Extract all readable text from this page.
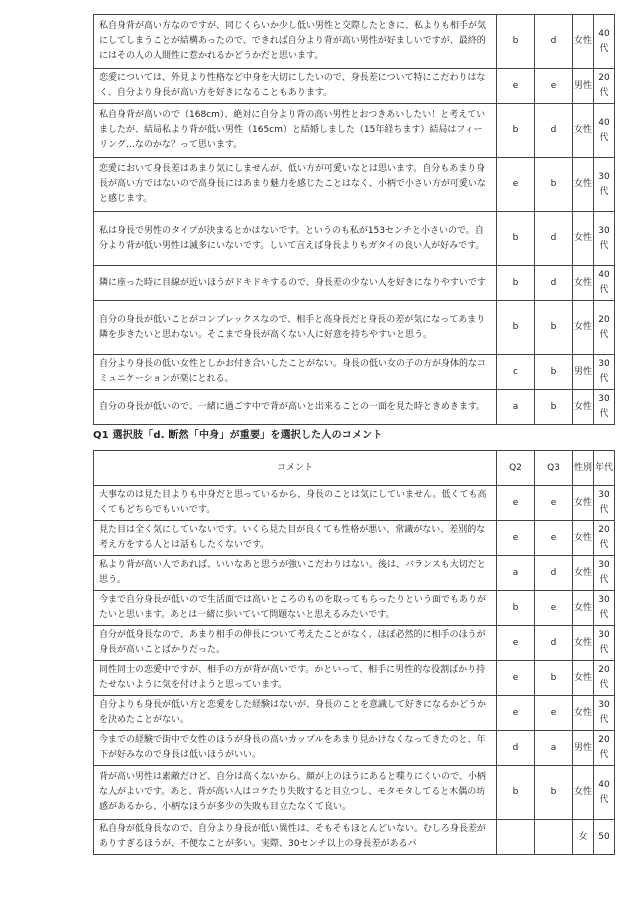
私自身背が高い方なのですが、同じくらいか少し低い男性と交際したときに、私よりも相手が気にしてしまうことが結構あったので、できれば自分より背が高い男性が好ましいですが、最終的にはその人の人間性に惹かれるかどうかだと思います。	b	d	女性	40代
恋愛については、外見より性格など中身を大切にしたいので、身長差について特にこだわりはなく、自分より身長が高い方を好きになることもあります。	e	e	男性	20代
私自身背が高いので（168cm）、絶対に自分より背の高い男性とおつきあいしたい！と考えていましたが、結局私より背が低い男性（165cm）と結婚しました（15年経ちます）結局はフィーリング…なのかな？って思います。	b	d	女性	40代
恋愛において身長差はあまり気にしませんが、低い方が可愛いなとは思います。自分もあまり身長が高い方ではないので高身長にはあまり魅力を感じたことはなく、小柄で小さい方が可愛いなと感じます。	e	b	女性	30代
私は身長で男性のタイプが決まるとかはないです。というのも私が153センチと小さいので。自分より背が低い男性は滅多にいないです。しいて言えば身長よりもガタイの良い人が好みです。	b	d	女性	30代
隣に座った時に目線が近いほうがドキドキするので、身長差の少ない人を好きになりやすいです	b	d	女性	40代
自分の身長が低いことがコンプレックスなので、相手と高身長だと身長の差が気になってあまり隣を歩きたいと思わない。そこまで身長が高くない人に好意を持ちやすいと思う。	b	b	女性	20代
自分より身長の低い女性としかお付き合いしたことがない。身長の低い女の子の方が身体的なコミュニケーションが楽にとれる。	c	b	男性	30代
自分の身長が低いので、一緒に過ごす中で背が高いと出来ることの一面を見た時ときめきます。	a	b	女性	30代
Q1 選択肢「d. 断然「中身」が重要」を選択した人のコメント
コメント	Q2	Q3	性別	年代
大事なのは見た目よりも中身だと思っているから、身長のことは気にしていません。低くても高くてもどちらでもいいです。	e	e	女性	30代
見た目は全く気にしていないです。いくら見た目が良くても性格が悪い、常識がない、差別的な考え方をする人とは話もしたくないです。	e	e	女性	20代
私より背が高い人であれば、いいなあと思うが強いこだわりはない。後は、バランスも大切だと思う。	a	d	女性	30代
今まで自分身長が低いので生活面では高いところのものを取ってもらったりという面でもありがたいと思います。あとは一緒に歩いていて問題ないと思えるみたいです。	b	e	女性	30代
自分が低身長なので、あまり相手の伸長について考えたことがなく、ほぼ必然的に相手のほうが身長が高いことばかりだった。	e	d	女性	30代
同性同士の恋愛中ですが、相手の方が背が高いです。かといって、相手に男性的な役割ばかり持たせないように気を付けようと思っています。	e	b	女性	20代
自分よりも身長が低い方と恋愛をした経験はないが、身長のことを意識して好きになるかどうかを決めたことがない。	e	e	女性	30代
今までの経験で街中で女性のほうが身長の高いカップルをあまり見かけなくなってきたのと、年下が好みなので身長は低いほうがいい。	d	a	男性	20代
背が高い男性は素敵だけど、自分は高くないから、顔が上のほうにあると喋りにくいので、小柄な人がよいです。あと、背が高い人はコケたり失敗すると目立つし、モタモタしてると木偶の坊感があるから、小柄なほうが多少の失敗も目立たなくて良い。	b	b	女性	40代
私自身が低身長なので、自分より身長が低い異性は、そもそもほとんどいない。むしろ身長差がありすぎるほうが、不便なことが多い。実際、30センチ以上の身長差があるパ			女	50
